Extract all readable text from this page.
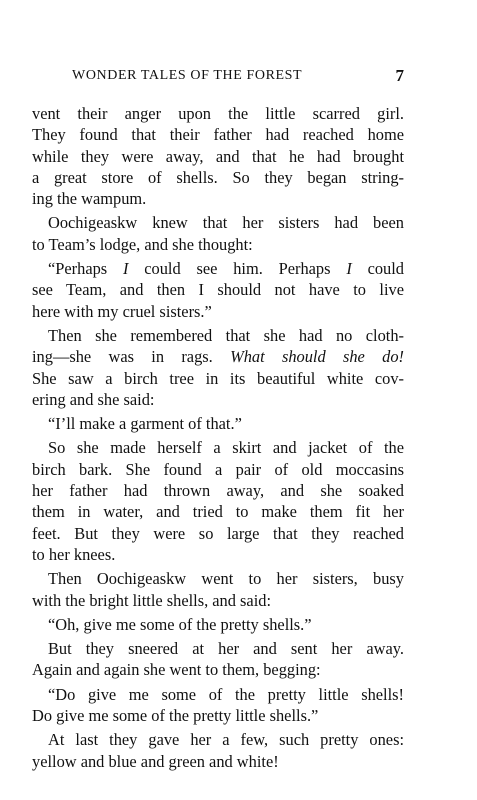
WONDER TALES OF THE FOREST	7
vent their anger upon the little scarred girl.
They found that their father had reached home
while they were away, and that he had brought
a great store of shells. So they began string-
ing the wampum.
Oochigeaskw knew that her sisters had been
to Team’s lodge, and she thought:
“Perhaps I could see him. Perhaps I could
see Team, and then I should not have to live
here with my cruel sisters.”
Then she remembered that she had no cloth-
ing—she was in rags. What should she do!
She saw a birch tree in its beautiful white cov-
ering and she said:
“I’ll make a garment of that.”
So she made herself a skirt and jacket of the
birch bark. She found a pair of old moccasins
her father had thrown away, and she soaked
them in water, and tried to make them fit her
feet. But they were so large that they reached
to her knees.
Then Oochigeaskw went to her sisters, busy
with the bright little shells, and said:
“Oh, give me some of the pretty shells.”
But they sneered at her and sent her away.
Again and again she went to them, begging:
“Do give me some of the pretty little shells!
Do give me some of the pretty little shells.”
At last they gave her a few, such pretty ones:
yellow and blue and green and white!
